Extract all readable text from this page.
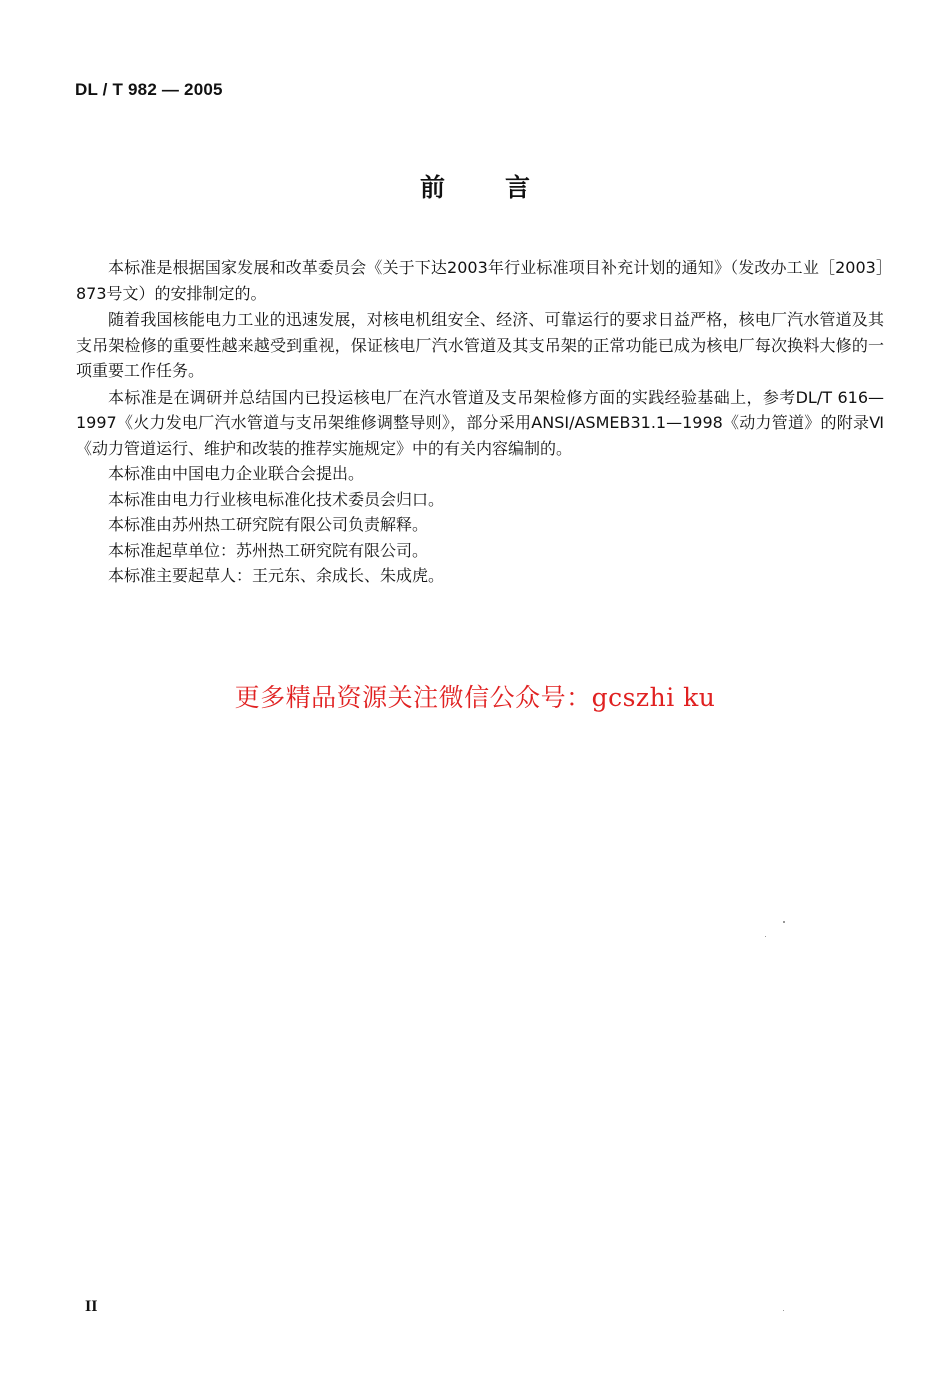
DL / T 982 — 2005
前 言

本标准是根据国家发展和改革委员会《关于下达2003年行业标准项目补充计划的通知》（发改办工业［2003］873号文）的安排制定的。

随着我国核能电力工业的迅速发展，对核电机组安全、经济、可靠运行的要求日益严格，核电厂汽水管道及其支吊架检修的重要性越来越受到重视，保证核电厂汽水管道及其支吊架的正常功能已成为核电厂每次换料大修的一项重要工作任务。

本标准是在调研并总结国内已投运核电厂在汽水管道及支吊架检修方面的实践经验基础上，参考DL/T 616—1997《火力发电厂汽水管道与支吊架维修调整导则》，部分采用ANSI/ASMEB31.1—1998《动力管道》的附录Ⅵ《动力管道运行、维护和改装的推荐实施规定》中的有关内容编制的。

本标准由中国电力企业联合会提出。

本标准由电力行业核电标准化技术委员会归口。

本标准由苏州热工研究院有限公司负责解释。

本标准起草单位：苏州热工研究院有限公司。

本标准主要起草人：王元东、余成长、朱成虎。

更多精品资源关注微信公众号：gcszhi ku
II
